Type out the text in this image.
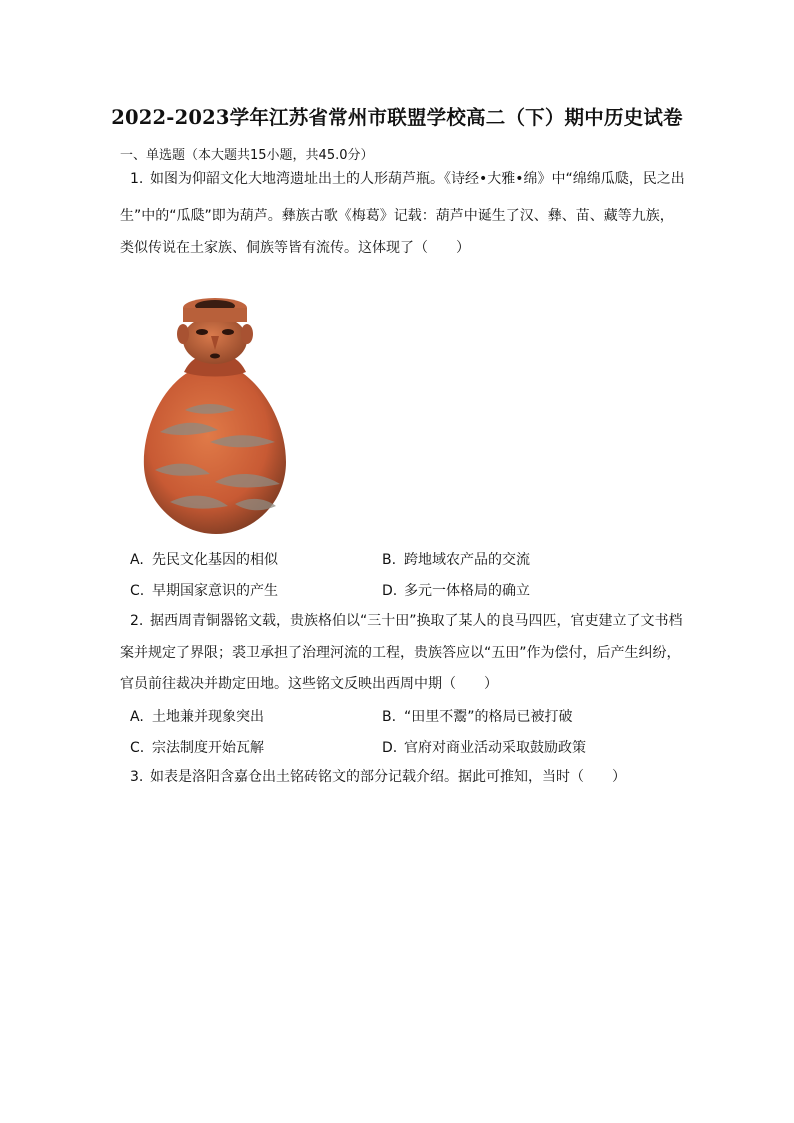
2022-2023学年江苏省常州市联盟学校高二（下）期中历史试卷
一、单选题（本大题共15小题，共45.0分）
1. 如图为仰韶文化大地湾遗址出土的人形葫芦瓶。《诗经•大雅•绵》中“绵绵瓜瓞，民之出
生”中的“瓜瓞”即为葫芦。彝族古歌《梅葛》记载：葫芦中诞生了汉、彝、苗、藏等九族，
类似传说在土家族、侗族等皆有流传。这体现了（　　）
A. 先民文化基因的相似	B. 跨地域农产品的交流
C. 早期国家意识的产生	D. 多元一体格局的确立
2. 据西周青铜器铭文载，贵族格伯以“三十田”换取了某人的良马四匹，官吏建立了文书档
案并规定了界限；裘卫承担了治理河流的工程，贵族答应以“五田”作为偿付，后产生纠纷，
官员前往裁决并勘定田地。这些铭文反映出西周中期（　　）
A. 土地兼并现象突出	B. “田里不鬻”的格局已被打破
C. 宗法制度开始瓦解	D. 官府对商业活动采取鼓励政策
3. 如表是洛阳含嘉仓出土铭砖铭文的部分记载介绍。据此可推知，当时（　　）
